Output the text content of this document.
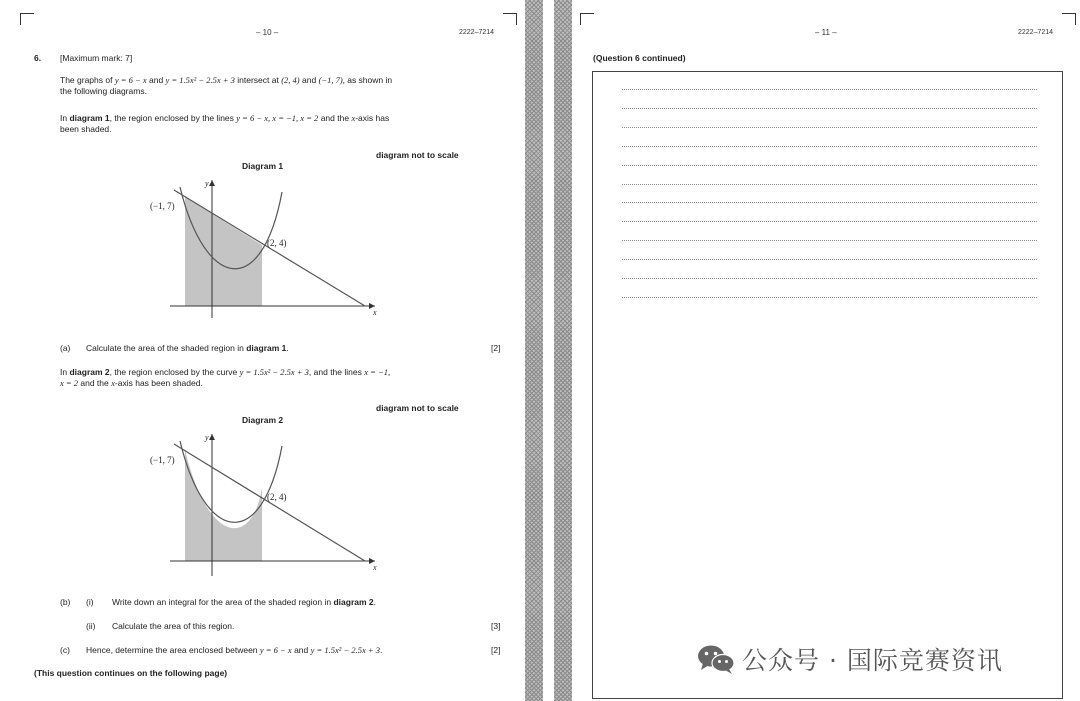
– 10 –	2222–7214
6. [Maximum mark: 7]
The graphs of y = 6 − x and y = 1.5x² − 2.5x + 3 intersect at (2, 4) and (−1, 7), as shown in
the following diagrams.
In diagram 1, the region enclosed by the lines y = 6 − x, x = −1, x = 2 and the x-axis has
been shaded.
diagram not to scale
Diagram 1
(−1, 7)
(2, 4)
y
x
(a) Calculate the area of the shaded region in diagram 1.	[2]
In diagram 2, the region enclosed by the curve y = 1.5x² − 2.5x + 3, and the lines x = −1,
x = 2 and the x-axis has been shaded.
diagram not to scale
Diagram 2
(−1, 7)
(2, 4)
y
x
(b) (i) Write down an integral for the area of the shaded region in diagram 2.
(ii) Calculate the area of this region.	[3]
(c) Hence, determine the area enclosed between y = 6 − x and y = 1.5x² − 2.5x + 3.	[2]
(This question continues on the following page)
– 11 –	2222–7214
(Question 6 continued)
公众号 · 国际竞赛资讯
